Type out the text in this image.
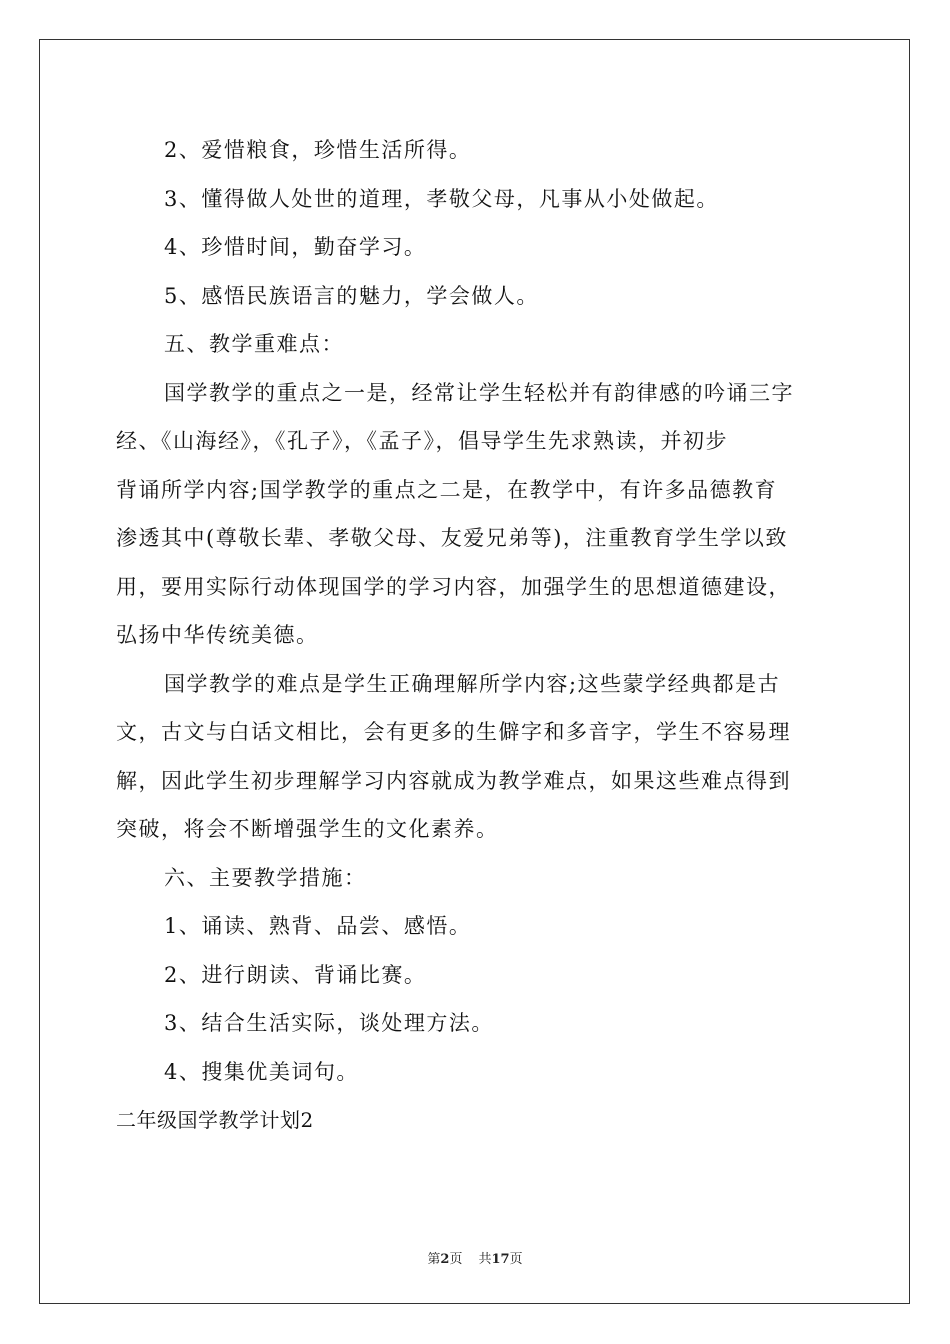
2、爱惜粮食，珍惜生活所得。
3、懂得做人处世的道理，孝敬父母，凡事从小处做起。
4、珍惜时间，勤奋学习。
5、感悟民族语言的魅力，学会做人。
五、教学重难点：
国学教学的重点之一是，经常让学生轻松并有韵律感的吟诵三字
经、《山海经》，《孔子》，《孟子》，倡导学生先求熟读，并初步
背诵所学内容;国学教学的重点之二是，在教学中，有许多品德教育
渗透其中(尊敬长辈、孝敬父母、友爱兄弟等)，注重教育学生学以致
用，要用实际行动体现国学的学习内容，加强学生的思想道德建设，
弘扬中华传统美德。
国学教学的难点是学生正确理解所学内容;这些蒙学经典都是古
文，古文与白话文相比，会有更多的生僻字和多音字，学生不容易理
解，因此学生初步理解学习内容就成为教学难点，如果这些难点得到
突破，将会不断增强学生的文化素养。
六、主要教学措施：
1、诵读、熟背、品尝、感悟。
2、进行朗读、背诵比赛。
3、结合生活实际，谈处理方法。
4、搜集优美词句。
二年级国学教学计划2
第2页 共17页
